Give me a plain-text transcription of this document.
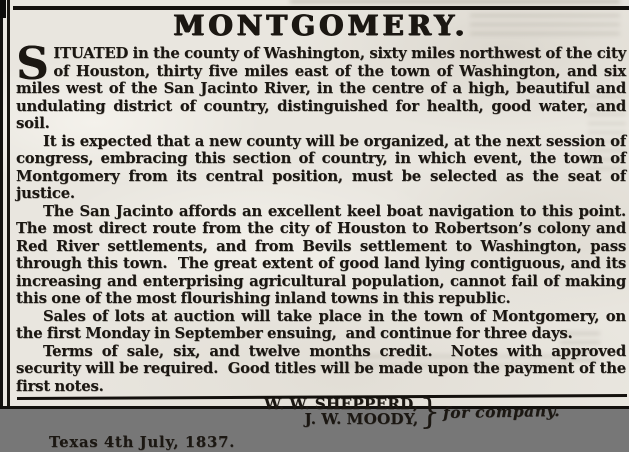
MONTGOMERY.

SITUATED in the county of Washington, sixty miles northwest of the city of Houston, thirty five miles east of the town of Washington, and six miles west of the San Jacinto River, in the centre of a high, beautiful and undulating district of country, distinguished for health, good water, and soil.

It is expected that a new county will be organized, at the next session of congress, embracing this section of country, in which event, the town of Montgomery from its central position, must be selected as the seat of justice.

The San Jacinto affords an excellent keel boat navigation to this point. The most direct route from the city of Houston to Robertson’s colony and Red River settlements, and from Bevils settlement to Washington, pass through this town.  The great extent of good land lying contiguous, and its increasing and enterprising agricultural population, cannot fail of making this one of the most flourishing inland towns in this republic.

Sales of lots at auction will take place in the town of Montgomery, on the first Monday in September ensuing,  and continue for three days.

Terms of sale, six, and twelve months credit.  Notes with approved security will be required.  Good titles will be made upon the payment of the first notes.

W. W. SHEPPERD,
J. W. MOODY, } for company.

Texas 4th July, 1837.
